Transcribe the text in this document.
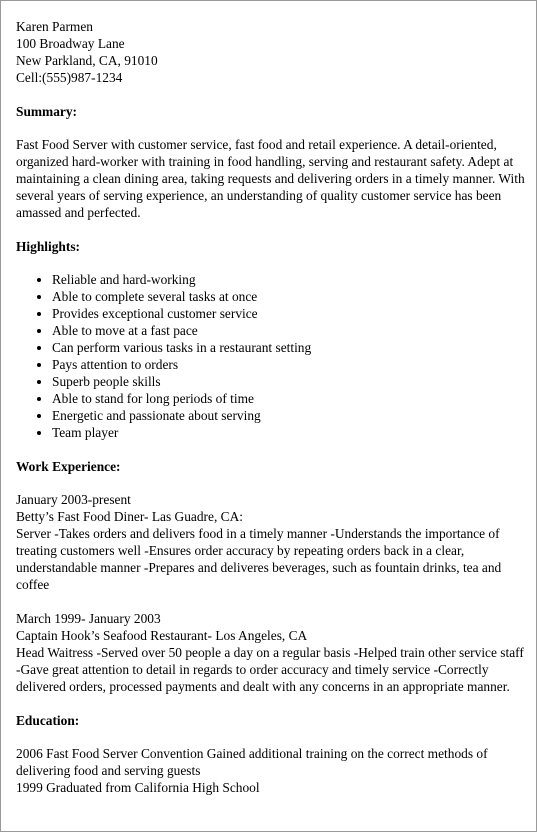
Karen Parmen
100 Broadway Lane
New Parkland, CA, 91010
Cell:(555)987-1234
Summary:

Fast Food Server with customer service, fast food and retail experience. A detail-oriented, organized hard-worker with training in food handling, serving and restaurant safety. Adept at maintaining a clean dining area, taking requests and delivering orders in a timely manner. With several years of serving experience, an understanding of quality customer service has been amassed and perfected.

Highlights:
• Reliable and hard-working
• Able to complete several tasks at once
• Provides exceptional customer service
• Able to move at a fast pace
• Can perform various tasks in a restaurant setting
• Pays attention to orders
• Superb people skills
• Able to stand for long periods of time
• Energetic and passionate about serving
• Team player
Work Experience:
January 2003-present
Betty’s Fast Food Diner- Las Guadre, CA:
Server -Takes orders and delivers food in a timely manner -Understands the importance of treating customers well -Ensures order accuracy by repeating orders back in a clear, understandable manner -Prepares and deliveres beverages, such as fountain drinks, tea and coffee
March 1999- January 2003
Captain Hook’s Seafood Restaurant- Los Angeles, CA
Head Waitress -Served over 50 people a day on a regular basis -Helped train other service staff -Gave great attention to detail in regards to order accuracy and timely service -Correctly delivered orders, processed payments and dealt with any concerns in an appropriate manner.
Education:
2006 Fast Food Server Convention Gained additional training on the correct methods of delivering food and serving guests
1999 Graduated from California High School
